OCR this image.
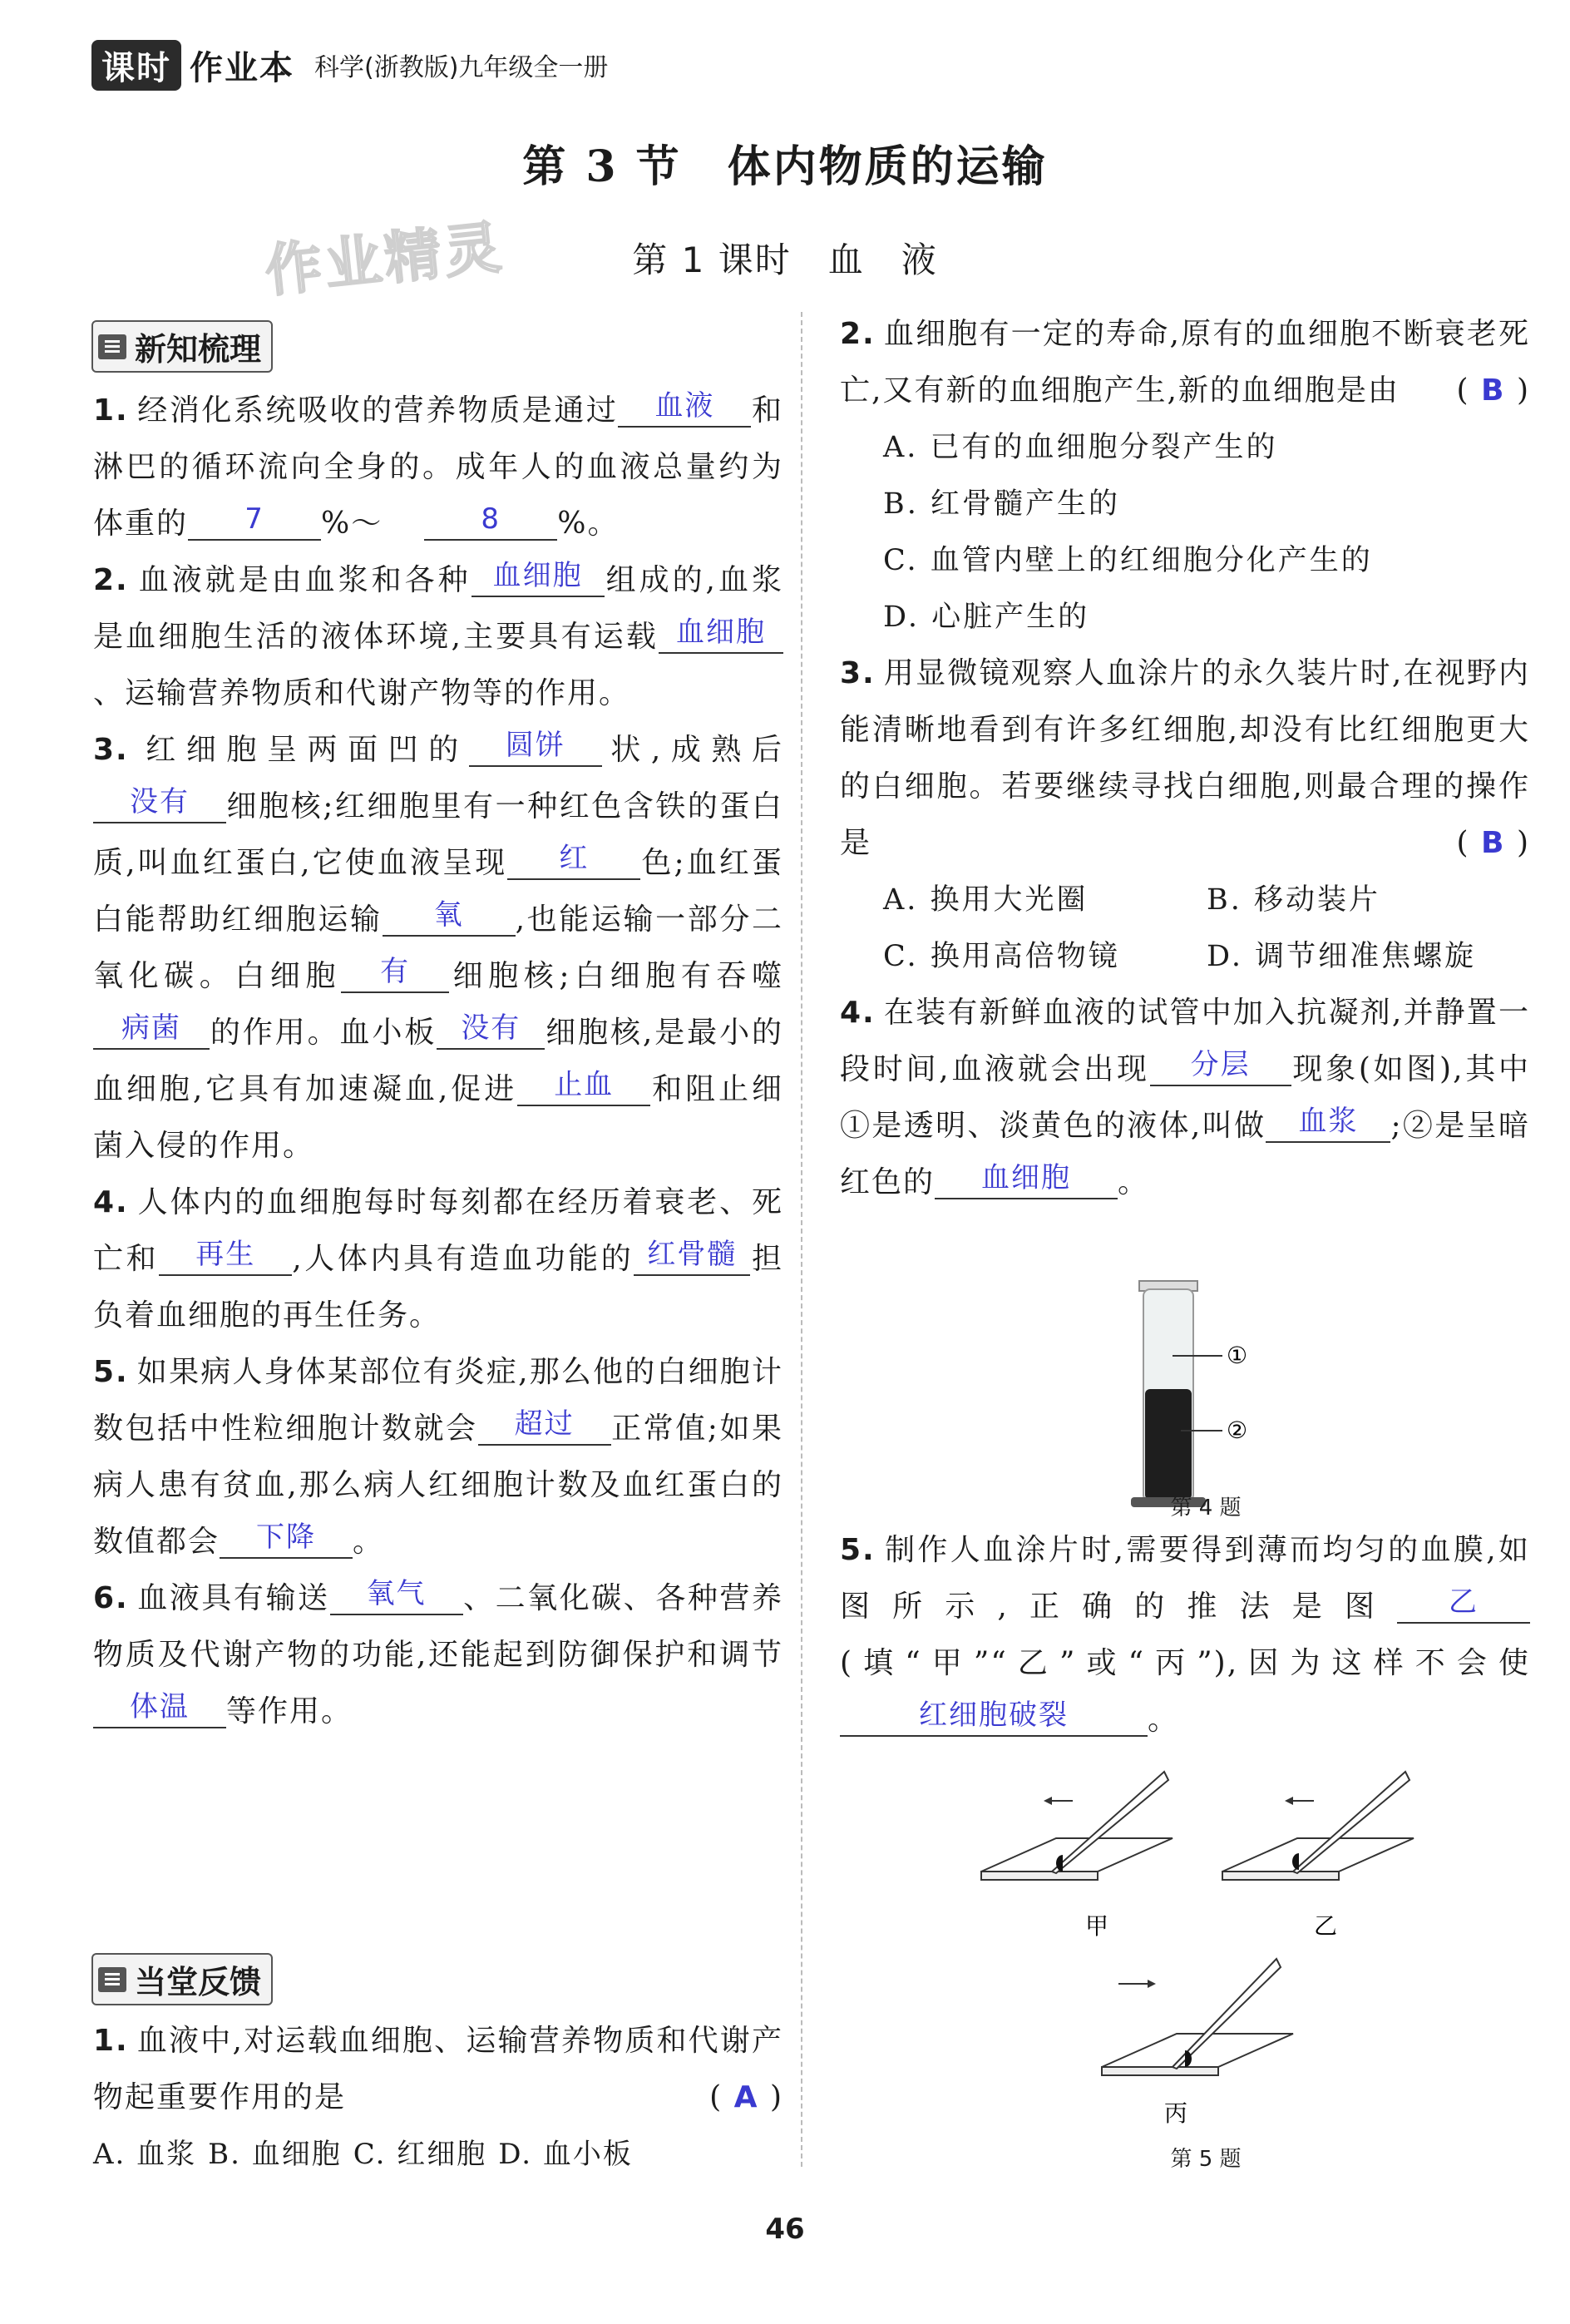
课时 作业本 科学(浙教版)九年级全一册
第 3 节　体内物质的运输
作业精灵	第 1 课时　血　液
新知梳理
1. 经消化系统吸收的营养物质是通过 血液 和淋巴的循环流向全身的。成年人的血液总量约为体重的 7 %～	8 %。
2. 血液就是由血浆和各种 血细胞 组成的,血浆是血细胞生活的液体环境,主要具有运载 血细胞、运输营养物质和代谢产物等的作用。
3. 红细胞呈两面凹的 圆饼 状,成熟后没有 细胞核;红细胞里有一种红色含铁的蛋白质,叫血红蛋白,它使血液呈现 红 色;血红蛋白能帮助红细胞运输 氧 ,也能运输一部分二氧化碳。白细胞 有 细胞核;白细胞有吞噬病菌 的作用。血小板 没有 细胞核,是最小的血细胞,它具有加速凝血,促进 止血 和阻止细菌入侵的作用。
4. 人体内的血细胞每时每刻都在经历着衰老、死亡和 再生 ,人体内具有造血功能的 红骨髓 担负着血细胞的再生任务。
5. 如果病人身体某部位有炎症,那么他的白细胞计数包括中性粒细胞计数就会 超过 正常值;如果病人患有贫血,那么病人红细胞计数及血红蛋白的数值都会 下降 。
6. 血液具有输送 氧气 、二氧化碳、各种营养物质及代谢产物的功能,还能起到防御保护和调节体温 等作用。
当堂反馈
1. 血液中,对运载血细胞、运输营养物质和代谢产物起重要作用的是	( A )
A. 血浆 B. 血细胞 C. 红细胞 D. 血小板
2. 血细胞有一定的寿命,原有的血细胞不断衰老死亡,又有新的血细胞产生,新的血细胞是由 ( B )
A. 已有的血细胞分裂产生的
B. 红骨髓产生的
C. 血管内壁上的红细胞分化产生的
D. 心脏产生的
3. 用显微镜观察人血涂片的永久装片时,在视野内能清晰地看到有许多红细胞,却没有比红细胞更大的白细胞。若要继续寻找白细胞,则最合理的操作是	( B )
A. 换用大光圈	B. 移动装片
C. 换用高倍物镜	D. 调节细准焦螺旋
4. 在装有新鲜血液的试管中加入抗凝剂,并静置一段时间,血液就会出现 分层 现象(如图),其中①是透明、淡黄色的液体,叫做 血浆 ;②是呈暗红色的 血细胞 。
①
②
第 4 题
5. 制作人血涂片时,需要得到薄而均匀的血膜,如图所示,正确的推法是图 乙(填“甲”“乙”或“丙”),因为这样不会使红细胞破裂	。
甲	乙
丙
第 5 题
46
